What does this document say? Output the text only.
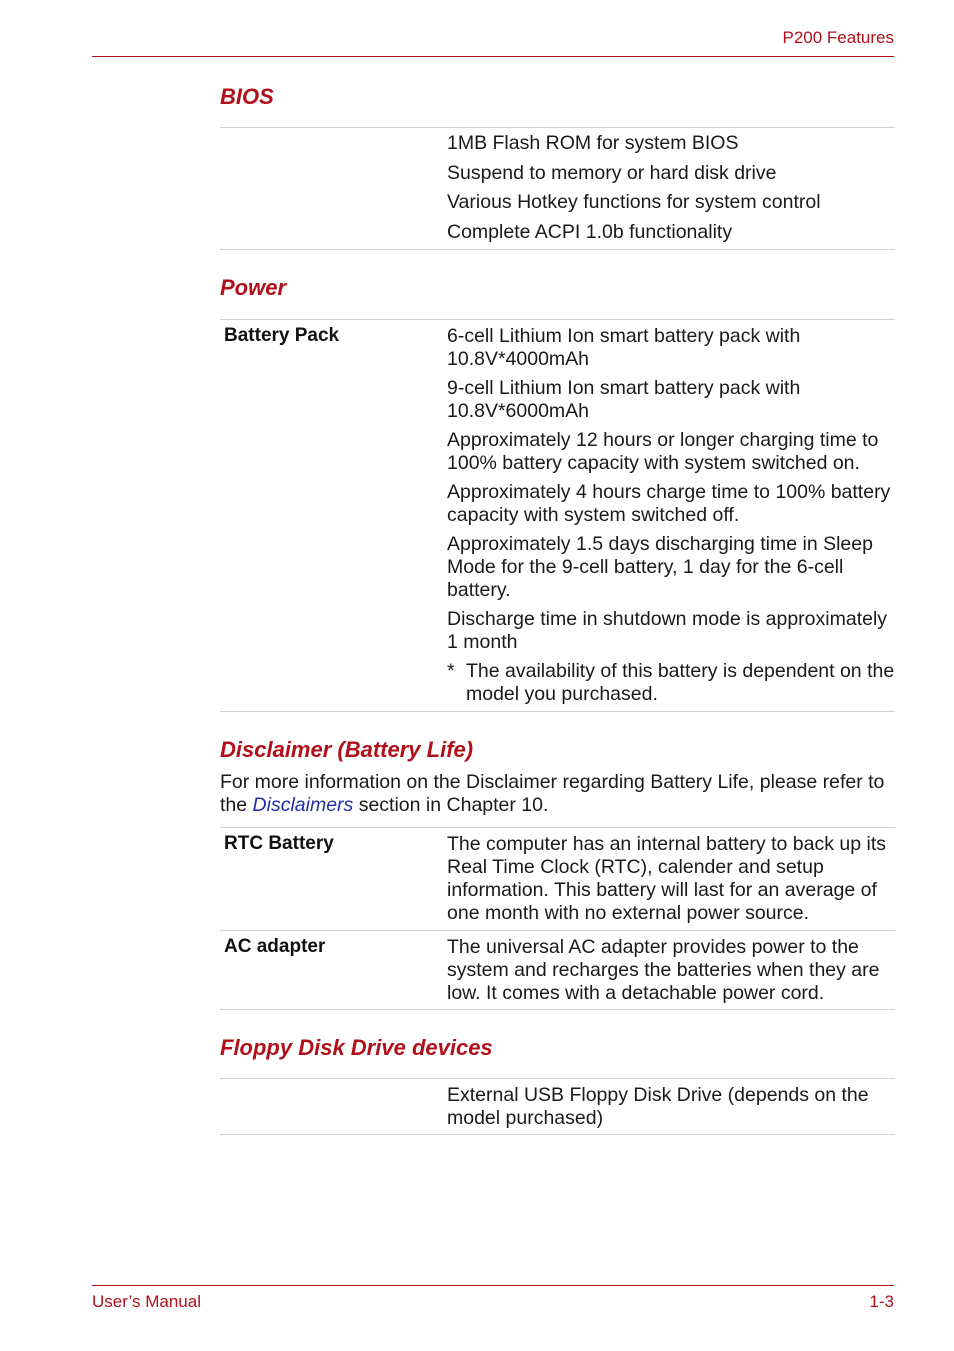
P200 Features
BIOS
1MB Flash ROM for system BIOS
Suspend to memory or hard disk drive
Various Hotkey functions for system control
Complete ACPI 1.0b functionality
Power
Battery Pack	6-cell Lithium Ion smart battery pack with 10.8V*4000mAh
9-cell Lithium Ion smart battery pack with 10.8V*6000mAh
Approximately 12 hours or longer charging time to 100% battery capacity with system switched on.
Approximately 4 hours charge time to 100% battery capacity with system switched off.
Approximately 1.5 days discharging time in Sleep Mode for the 9-cell battery, 1 day for the 6-cell battery.
Discharge time in shutdown mode is approximately 1 month
* The availability of this battery is dependent on the model you purchased.
Disclaimer (Battery Life)
For more information on the Disclaimer regarding Battery Life, please refer to the Disclaimers section in Chapter 10.
RTC Battery	The computer has an internal battery to back up its Real Time Clock (RTC), calender and setup information. This battery will last for an average of one month with no external power source.
AC adapter	The universal AC adapter provides power to the system and recharges the batteries when they are low. It comes with a detachable power cord.
Floppy Disk Drive devices
External USB Floppy Disk Drive (depends on the model purchased)
User’s Manual	1-3
